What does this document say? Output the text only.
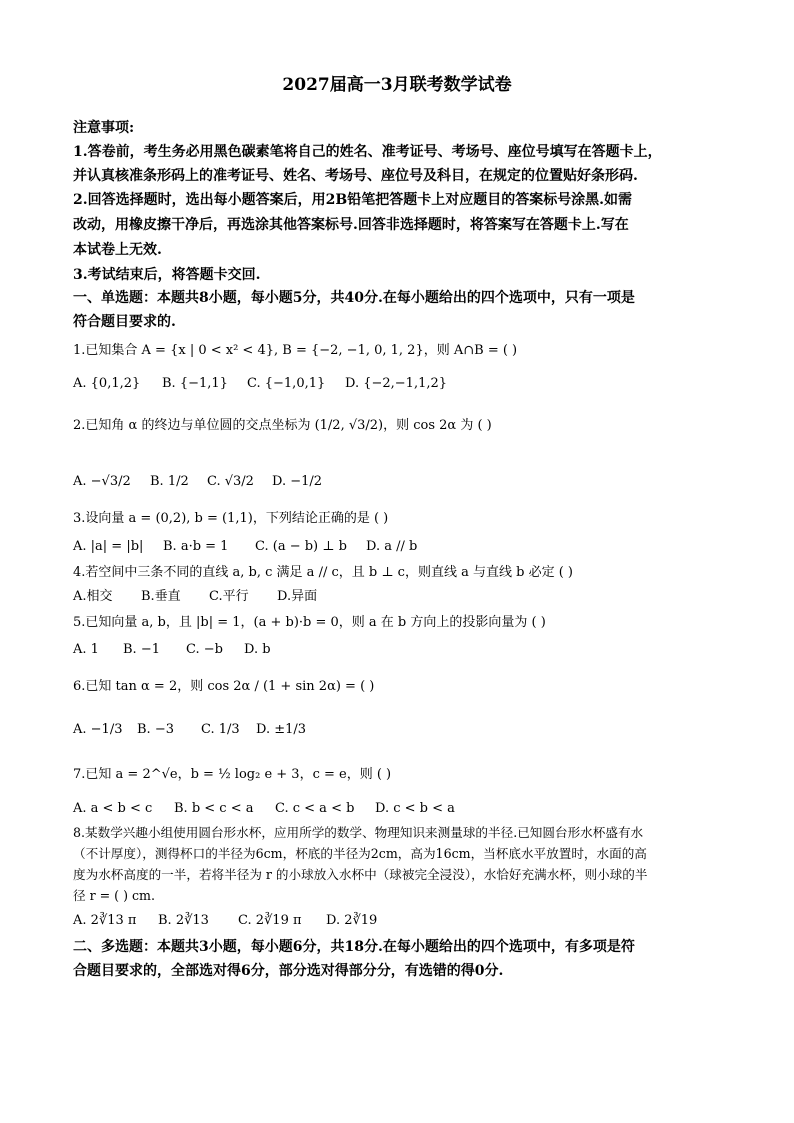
2027届高一3月联考数学试卷
注意事项:
1.答卷前，考生务必用黑色碳素笔将自己的姓名、准考证号、考场号、座位号填写在答题卡上，
并认真核准条形码上的准考证号、姓名、考场号、座位号及科目，在规定的位置贴好条形码.
2.回答选择题时，选出每小题答案后，用2B铅笔把答题卡上对应题目的答案标号涂黑.如需
改动，用橡皮擦干净后，再选涂其他答案标号.回答非选择题时，将答案写在答题卡上.写在
本试卷上无效.
3.考试结束后，将答题卡交回.
一、单选题：本题共8小题，每小题5分，共40分.在每小题给出的四个选项中，只有一项是
符合题目要求的.
1.已知集合 A = {x | 0 < x² < 4}, B = {−2, −1, 0, 1, 2}，则 A∩B = ( )
A. {0,1,2} B. {−1,1} C. {−1,0,1} D. {−2,−1,1,2}
2.已知角 α 的终边与单位圆的交点坐标为 (1/2, √3/2)，则 cos 2α 为 ( )
A. −√3/2 B. 1/2 C. √3/2 D. −1/2
3.设向量 a = (0,2), b = (1,1)，下列结论正确的是 ( )
A. |a| = |b| B. a·b = 1 C. (a − b) ⊥ b D. a // b
4.若空间中三条不同的直线 a, b, c 满足 a // c，且 b ⊥ c，则直线 a 与直线 b 必定 ( )
A.相交 B.垂直 C.平行 D.异面
5.已知向量 a, b，且 |b| = 1，(a + b)·b = 0，则 a 在 b 方向上的投影向量为 ( )
A. 1 B. −1 C. −b D. b
6.已知 tan α = 2，则 cos 2α / (1 + sin 2α) = ( )
A. −1/3 B. −3 C. 1/3 D. ±1/3
7.已知 a = 2^√e，b = ½ log₂ e + 3，c = e，则 ( )
A. a < b < c B. b < c < a C. c < a < b D. c < b < a
8.某数学兴趣小组使用圆台形水杯，应用所学的数学、物理知识来测量球的半径.已知圆台形水杯盛有水
（不计厚度），测得杯口的半径为6cm，杯底的半径为2cm，高为16cm，当杯底水平放置时，水面的高
度为水杯高度的一半，若将半径为 r 的小球放入水杯中（球被完全浸没），水恰好充满水杯，则小球的半
径 r = ( ) cm.
A. 2∛13 π B. 2∛13 C. 2∛19 π D. 2∛19
二、多选题：本题共3小题，每小题6分，共18分.在每小题给出的四个选项中，有多项是符
合题目要求的，全部选对得6分，部分选对得部分分，有选错的得0分.
